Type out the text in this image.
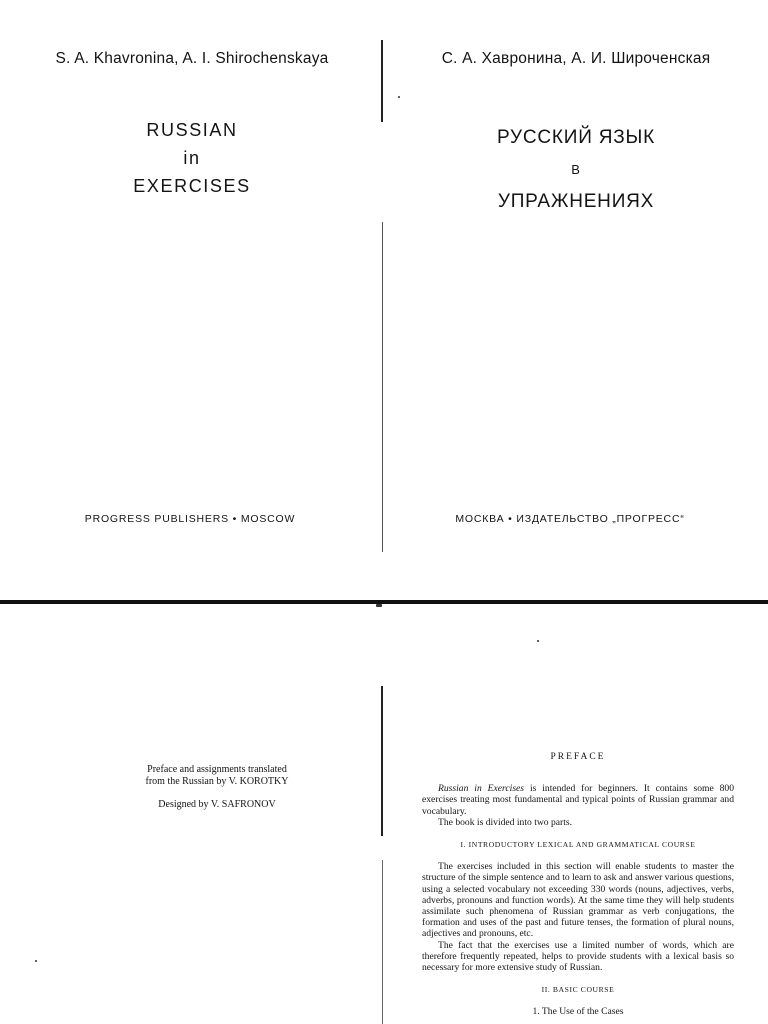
S. A. Khavronina, A. I. Shirochenskaya
RUSSIAN
in
EXERCISES
PROGRESS PUBLISHERS • MOSCOW
С. А. Хавронина, А. И. Широченская
РУССКИЙ ЯЗЫК
В
УПРАЖНЕНИЯХ
МОСКВА • ИЗДАТЕЛЬСТВО „ПРОГРЕСС“

Preface and assignments translated
from the Russian by V. KOROTKY

Designed by V. SAFRONOV

PREFACE

Russian in Exercises is intended for beginners. It contains some 800 exercises treating most fundamental and typical points of Russian grammar and vocabulary.

The book is divided into two parts.

I. INTRODUCTORY LEXICAL AND GRAMMATICAL COURSE

The exercises included in this section will enable students to master the structure of the simple sentence and to learn to ask and answer various questions, using a selected vocabulary not exceeding 330 words (nouns, adjectives, verbs, adverbs, pronouns and function words). At the same time they will help students assimilate such phenomena of Russian grammar as verb conjugations, the formation and uses of the past and future tenses, the formation of plural nouns, adjectives and pronouns, etc.

The fact that the exercises use a limited number of words, which are therefore frequently repeated, helps to provide students with a lexical basis so necessary for more extensive study of Russian.

II. BASIC COURSE

1. The Use of the Cases
